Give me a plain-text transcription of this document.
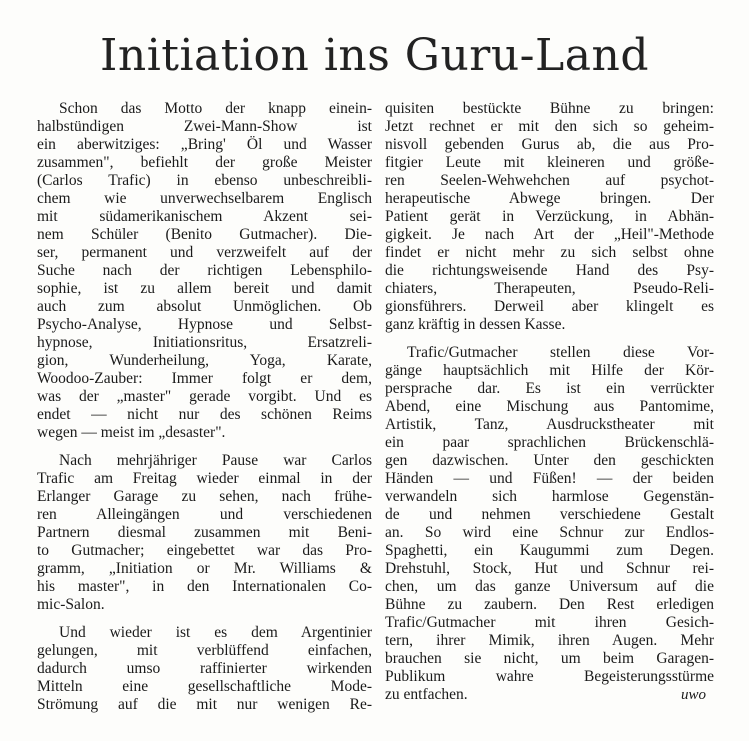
Initiation ins Guru-Land

Schon das Motto der knapp einein-
halbstündigen Zwei-Mann-Show ist
ein aberwitziges: „Bring' Öl und Wasser
zusammen", befiehlt der große Meister
(Carlos Trafic) in ebenso unbeschreibli-
chem wie unverwechselbarem Englisch
mit südamerikanischem Akzent sei-
nem Schüler (Benito Gutmacher). Die-
ser, permanent und verzweifelt auf der
Suche nach der richtigen Lebensphilo-
sophie, ist zu allem bereit und damit
auch zum absolut Unmöglichen. Ob
Psycho-Analyse, Hypnose und Selbst-
hypnose, Initiationsritus, Ersatzreli-
gion, Wunderheilung, Yoga, Karate,
Woodoo-Zauber: Immer folgt er dem,
was der „master" gerade vorgibt. Und es
endet — nicht nur des schönen Reims
wegen — meist im „desaster".

Nach mehrjähriger Pause war Carlos
Trafic am Freitag wieder einmal in der
Erlanger Garage zu sehen, nach frühe-
ren Alleingängen und verschiedenen
Partnern diesmal zusammen mit Beni-
to Gutmacher; eingebettet war das Pro-
gramm, „Initiation or Mr. Williams &
his master", in den Internationalen Co-
mic-Salon.

Und wieder ist es dem Argentinier
gelungen, mit verblüffend einfachen,
dadurch umso raffinierter wirkenden
Mitteln eine gesellschaftliche Mode-
Strömung auf die mit nur wenigen Re-

quisiten bestückte Bühne zu bringen:
Jetzt rechnet er mit den sich so geheim-
nisvoll gebenden Gurus ab, die aus Pro-
fitgier Leute mit kleineren und größe-
ren Seelen-Wehwehchen auf psychot-
herapeutische Abwege bringen. Der
Patient gerät in Verzückung, in Abhän-
gigkeit. Je nach Art der „Heil"-Methode
findet er nicht mehr zu sich selbst ohne
die richtungsweisende Hand des Psy-
chiaters, Therapeuten, Pseudo-Reli-
gionsführers. Derweil aber klingelt es
ganz kräftig in dessen Kasse.

Trafic/Gutmacher stellen diese Vor-
gänge hauptsächlich mit Hilfe der Kör-
persprache dar. Es ist ein verrückter
Abend, eine Mischung aus Pantomime,
Artistik, Tanz, Ausdruckstheater mit
ein paar sprachlichen Brückenschlä-
gen dazwischen. Unter den geschickten
Händen — und Füßen! — der beiden
verwandeln sich harmlose Gegenstän-
de und nehmen verschiedene Gestalt
an. So wird eine Schnur zur Endlos-
Spaghetti, ein Kaugummi zum Degen.
Drehstuhl, Stock, Hut und Schnur rei-
chen, um das ganze Universum auf die
Bühne zu zaubern. Den Rest erledigen
Trafic/Gutmacher mit ihren Gesich-
tern, ihrer Mimik, ihren Augen. Mehr
brauchen sie nicht, um beim Garagen-
Publikum wahre Begeisterungsstürme
zu entfachen.	uwo
